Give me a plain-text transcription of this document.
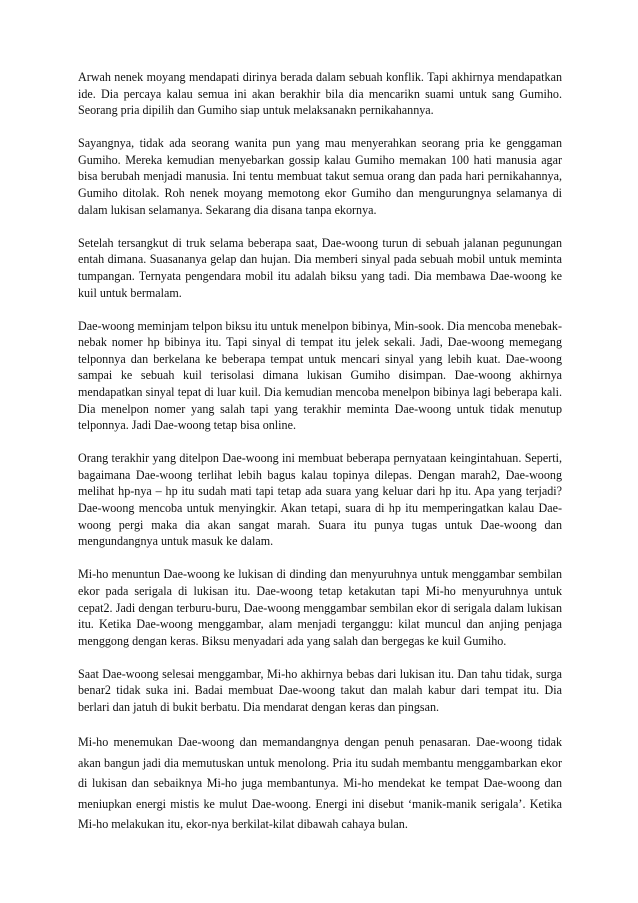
Arwah nenek moyang mendapati dirinya berada dalam sebuah konflik. Tapi akhirnya mendapatkan ide. Dia percaya kalau semua ini akan berakhir bila dia mencarikn suami untuk sang Gumiho. Seorang pria dipilih dan Gumiho siap untuk melaksanakn pernikahannya.

Sayangnya, tidak ada seorang wanita pun yang mau menyerahkan seorang pria ke genggaman Gumiho. Mereka kemudian menyebarkan gossip kalau Gumiho memakan 100 hati manusia agar bisa berubah menjadi manusia. Ini tentu membuat takut semua orang dan pada hari pernikahannya, Gumiho ditolak. Roh nenek moyang memotong ekor Gumiho dan mengurungnya selamanya di dalam lukisan selamanya. Sekarang dia disana tanpa ekornya.

Setelah tersangkut di truk selama beberapa saat, Dae-woong turun di sebuah jalanan pegunungan entah dimana. Suasananya gelap dan hujan. Dia memberi sinyal pada sebuah mobil untuk meminta tumpangan. Ternyata pengendara mobil itu adalah biksu yang tadi. Dia membawa Dae-woong ke kuil untuk bermalam.

Dae-woong meminjam telpon biksu itu untuk menelpon bibinya, Min-sook. Dia mencoba menebak-nebak nomer hp bibinya itu. Tapi sinyal di tempat itu jelek sekali. Jadi, Dae-woong memegang telponnya dan berkelana ke beberapa tempat untuk mencari sinyal yang lebih kuat. Dae-woong sampai ke sebuah kuil terisolasi dimana lukisan Gumiho disimpan. Dae-woong akhirnya mendapatkan sinyal tepat di luar kuil. Dia kemudian mencoba menelpon bibinya lagi beberapa kali. Dia menelpon nomer yang salah tapi yang terakhir meminta Dae-woong untuk tidak menutup telponnya. Jadi Dae-woong tetap bisa online.

Orang terakhir yang ditelpon Dae-woong ini membuat beberapa pernyataan keingintahuan. Seperti, bagaimana Dae-woong terlihat lebih bagus kalau topinya dilepas. Dengan marah2, Dae-woong melihat hp-nya – hp itu sudah mati tapi tetap ada suara yang keluar dari hp itu. Apa yang terjadi? Dae-woong mencoba untuk menyingkir. Akan tetapi, suara di hp itu memperingatkan kalau Dae-woong pergi maka dia akan sangat marah. Suara itu punya tugas untuk Dae-woong dan mengundangnya untuk masuk ke dalam.

Mi-ho menuntun Dae-woong ke lukisan di dinding dan menyuruhnya untuk menggambar sembilan ekor pada serigala di lukisan itu. Dae-woong tetap ketakutan tapi Mi-ho menyuruhnya untuk cepat2. Jadi dengan terburu-buru, Dae-woong menggambar sembilan ekor di serigala dalam lukisan itu. Ketika Dae-woong menggambar, alam menjadi terganggu: kilat muncul dan anjing penjaga menggong dengan keras. Biksu menyadari ada yang salah dan bergegas ke kuil Gumiho.

Saat Dae-woong selesai menggambar, Mi-ho akhirnya bebas dari lukisan itu. Dan tahu tidak, surga benar2 tidak suka ini. Badai membuat Dae-woong takut dan malah kabur dari tempat itu. Dia berlari dan jatuh di bukit berbatu. Dia mendarat dengan keras dan pingsan.

Mi-ho menemukan Dae-woong dan memandangnya dengan penuh penasaran. Dae-woong tidak akan bangun jadi dia memutuskan untuk menolong. Pria itu sudah membantu menggambarkan ekor di lukisan dan sebaiknya Mi-ho juga membantunya. Mi-ho mendekat ke tempat Dae-woong dan meniupkan energi mistis ke mulut Dae-woong. Energi ini disebut ‘manik-manik serigala’. Ketika Mi-ho melakukan itu, ekor-nya berkilat-kilat dibawah cahaya bulan.
